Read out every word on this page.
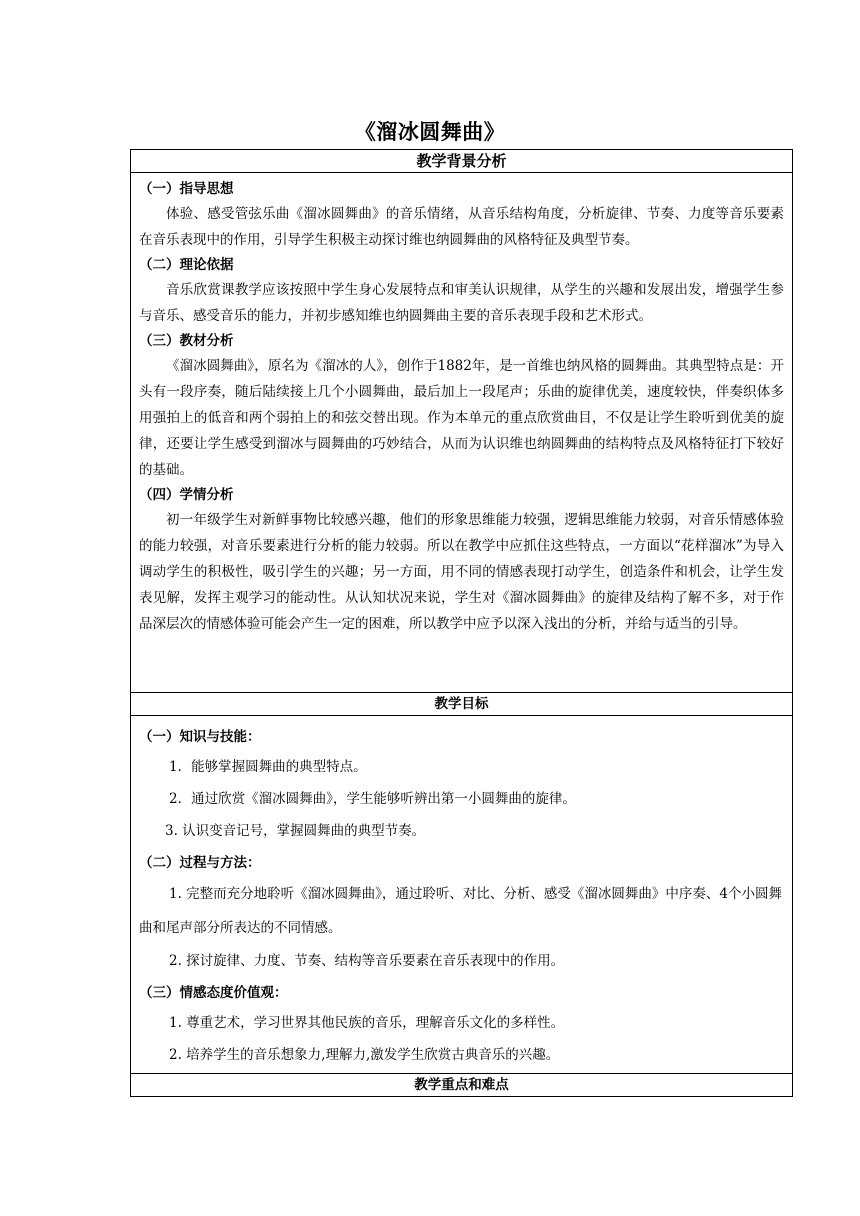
《溜冰圆舞曲》
教学背景分析

（一）指导思想

体验、感受管弦乐曲《溜冰圆舞曲》的音乐情绪，从音乐结构角度，分析旋律、节奏、力度等音乐要素在音乐表现中的作用，引导学生积极主动探讨维也纳圆舞曲的风格特征及典型节奏。

（二）理论依据

音乐欣赏课教学应该按照中学生身心发展特点和审美认识规律，从学生的兴趣和发展出发，增强学生参与音乐、感受音乐的能力，并初步感知维也纳圆舞曲主要的音乐表现手段和艺术形式。

（三）教材分析

《溜冰圆舞曲》，原名为《溜冰的人》，创作于1882年，是一首维也纳风格的圆舞曲。其典型特点是：开头有一段序奏，随后陆续接上几个小圆舞曲，最后加上一段尾声；乐曲的旋律优美，速度较快，伴奏织体多用强拍上的低音和两个弱拍上的和弦交替出现。作为本单元的重点欣赏曲目，不仅是让学生聆听到优美的旋律，还要让学生感受到溜冰与圆舞曲的巧妙结合，从而为认识维也纳圆舞曲的结构特点及风格特征打下较好的基础。

（四）学情分析

初一年级学生对新鲜事物比较感兴趣，他们的形象思维能力较强，逻辑思维能力较弱，对音乐情感体验的能力较强，对音乐要素进行分析的能力较弱。所以在教学中应抓住这些特点，一方面以“花样溜冰”为导入调动学生的积极性，吸引学生的兴趣；另一方面，用不同的情感表现打动学生，创造条件和机会，让学生发表见解，发挥主观学习的能动性。从认知状况来说，学生对《溜冰圆舞曲》的旋律及结构了解不多，对于作品深层次的情感体验可能会产生一定的困难，所以教学中应予以深入浅出的分析，并给与适当的引导。

教学目标

（一）知识与技能：

1．能够掌握圆舞曲的典型特点。

2．通过欣赏《溜冰圆舞曲》，学生能够听辨出第一小圆舞曲的旋律。

3. 认识变音记号，掌握圆舞曲的典型节奏。

（二）过程与方法：

1. 完整而充分地聆听《溜冰圆舞曲》，通过聆听、对比、分析、感受《溜冰圆舞曲》中序奏、4个小圆舞曲和尾声部分所表达的不同情感。

2. 探讨旋律、力度、节奏、结构等音乐要素在音乐表现中的作用。

（三）情感态度价值观：

1. 尊重艺术，学习世界其他民族的音乐，理解音乐文化的多样性。

2. 培养学生的音乐想象力,理解力,激发学生欣赏古典音乐的兴趣。

教学重点和难点
